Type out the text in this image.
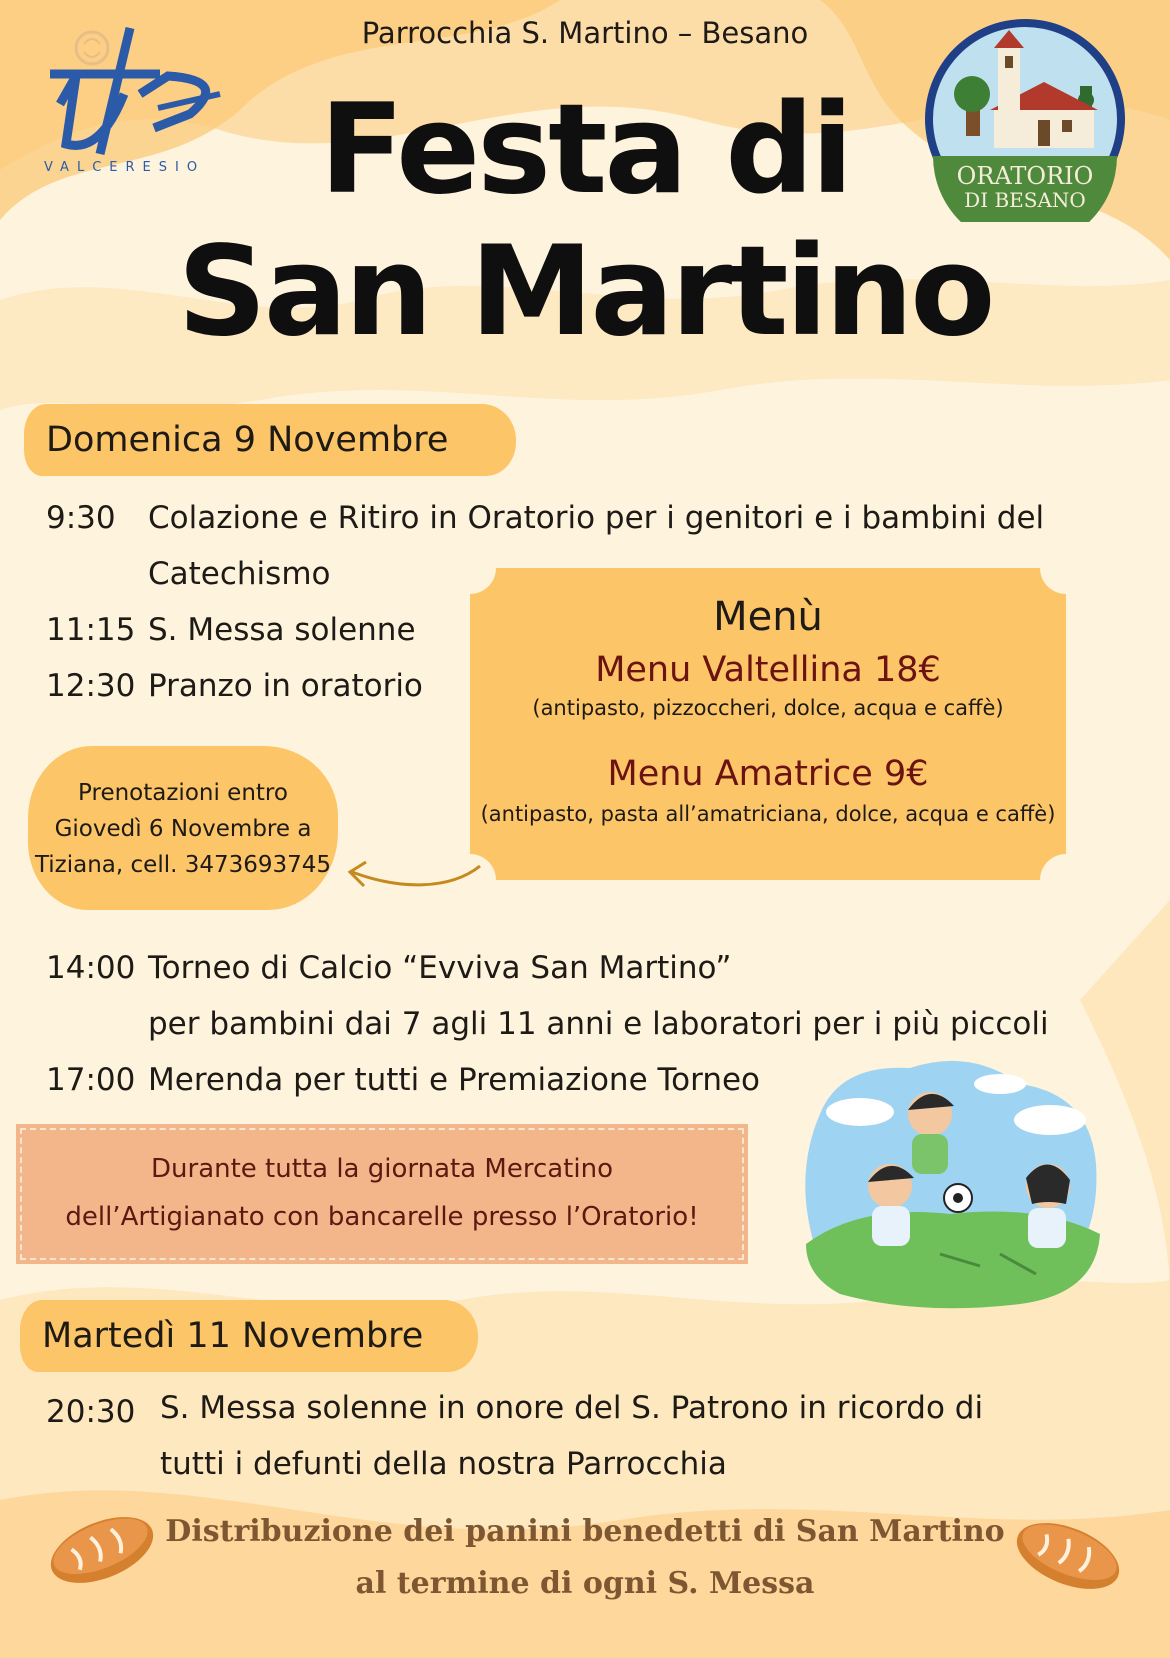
VALCERESIO	ORATORIO
DI BESANO
Parrocchia S. Martino – Besano
Festa di
San Martino
Domenica 9 Novembre
9:30 Colazione e Ritiro in Oratorio per i genitori e i bambini del
Catechismo
11:15 S. Messa solenne
12:30 Pranzo in oratorio
Menù
Menu Valtellina 18€
(antipasto, pizzoccheri, dolce, acqua e caffè)
Menu Amatrice 9€
(antipasto, pasta all’amatriciana, dolce, acqua e caffè)
Prenotazioni entro
Giovedì 6 Novembre a
Tiziana, cell. 3473693745
14:00 Torneo di Calcio “Evviva San Martino”
per bambini dai 7 agli 11 anni e laboratori per i più piccoli
17:00 Merenda per tutti e Premiazione Torneo
Durante tutta la giornata Mercatino
dell’Artigianato con bancarelle presso l’Oratorio!
Martedì 11 Novembre
20:30 S. Messa solenne in onore del S. Patrono in ricordo di
tutti i defunti della nostra Parrocchia
Distribuzione dei panini benedetti di San Martino
al termine di ogni S. Messa
